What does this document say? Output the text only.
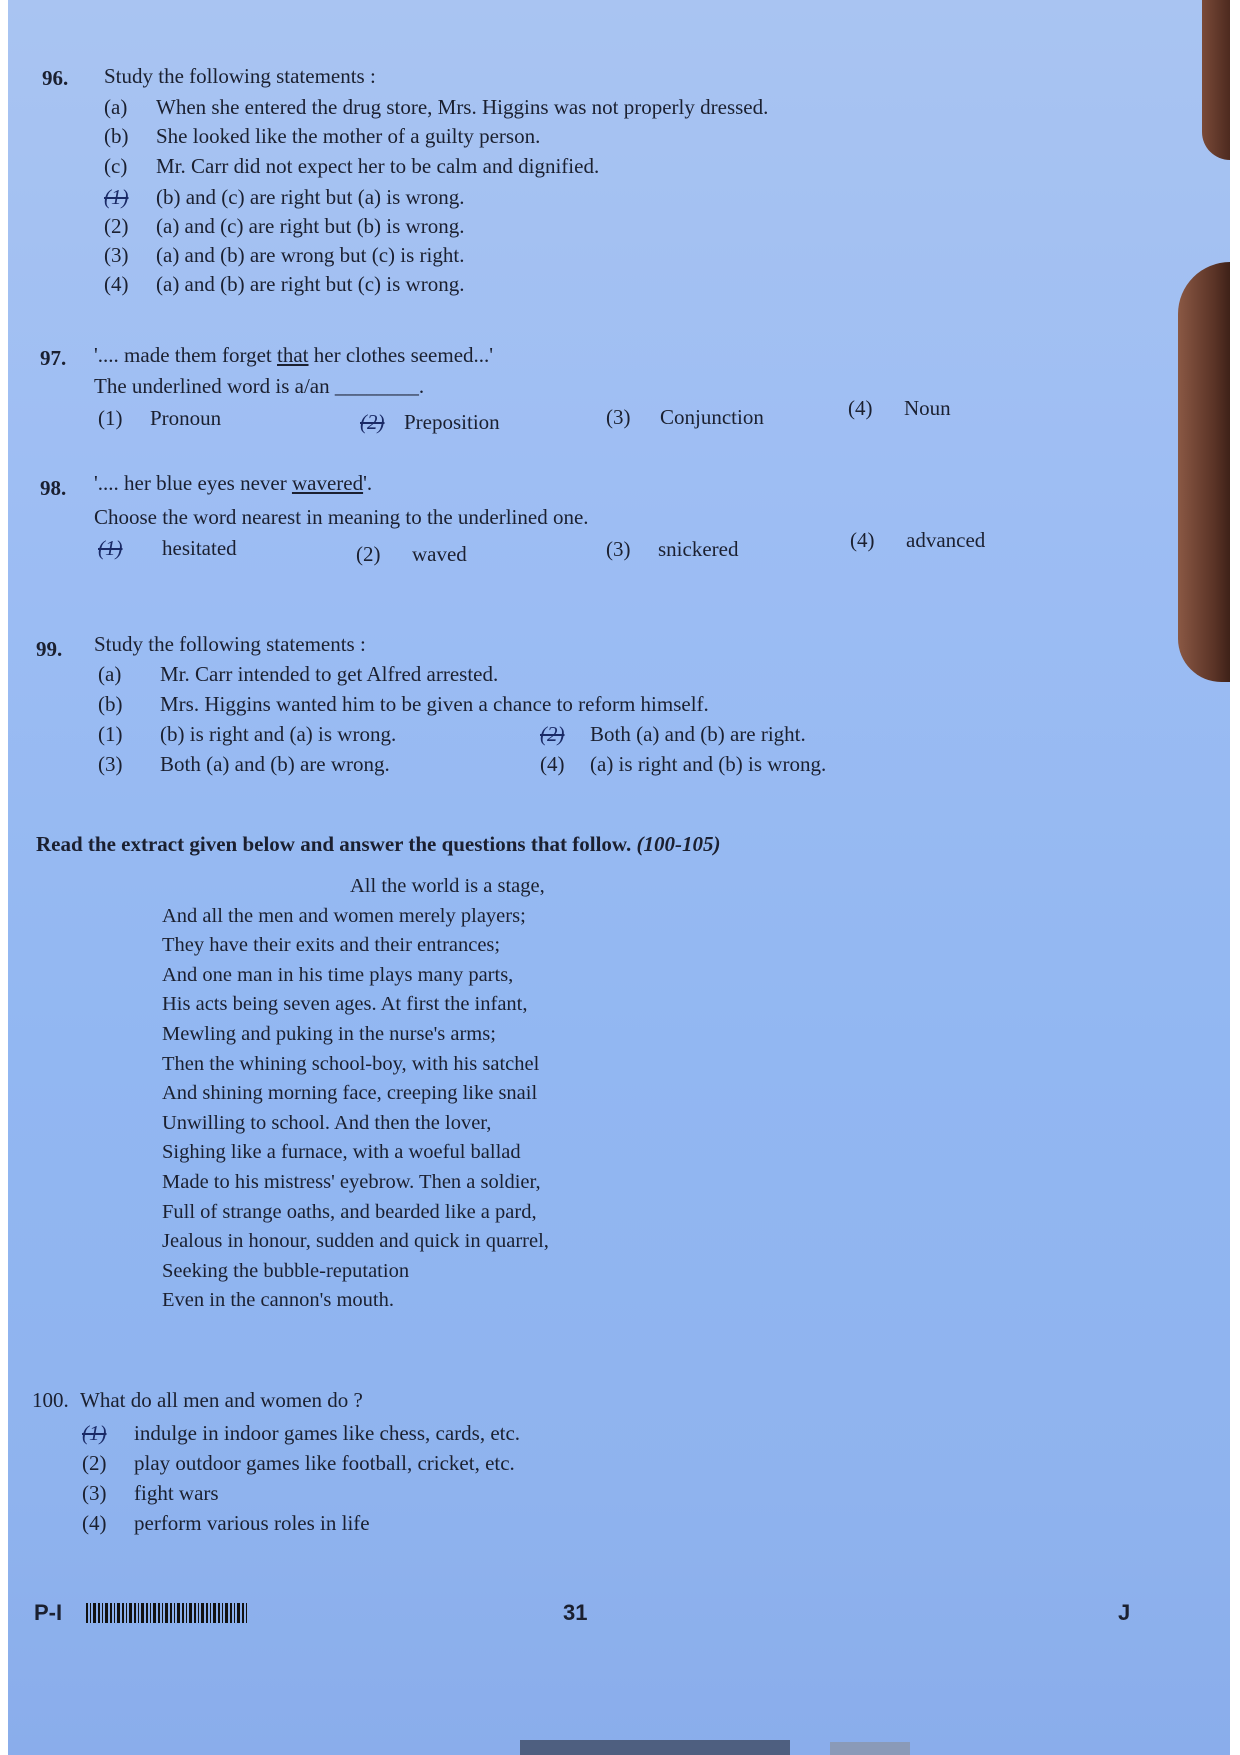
96. Study the following statements :
(a) When she entered the drug store, Mrs. Higgins was not properly dressed.
(b) She looked like the mother of a guilty person.
(c) Mr. Carr did not expect her to be calm and dignified.
(1) (b) and (c) are right but (a) is wrong.
(2) (a) and (c) are right but (b) is wrong.
(3) (a) and (b) are wrong but (c) is right.
(4) (a) and (b) are right but (c) is wrong.
97. '.... made them forget that her clothes seemed...'
The underlined word is a/an ________.
(1) Pronoun	(2) Preposition	(3) Conjunction	(4) Noun
98. '.... her blue eyes never wavered'.
Choose the word nearest in meaning to the underlined one.
(1) hesitated	(2) waved	(3) snickered	(4) advanced
99. Study the following statements :
(a) Mr. Carr intended to get Alfred arrested.
(b) Mrs. Higgins wanted him to be given a chance to reform himself.
(1) (b) is right and (a) is wrong.	(2) Both (a) and (b) are right.
(3) Both (a) and (b) are wrong.	(4) (a) is right and (b) is wrong.
Read the extract given below and answer the questions that follow. (100-105)
All the world is a stage,
And all the men and women merely players;
They have their exits and their entrances;
And one man in his time plays many parts,
His acts being seven ages. At first the infant,
Mewling and puking in the nurse's arms;
Then the whining school-boy, with his satchel
And shining morning face, creeping like snail
Unwilling to school. And then the lover,
Sighing like a furnace, with a woeful ballad
Made to his mistress' eyebrow. Then a soldier,
Full of strange oaths, and bearded like a pard,
Jealous in honour, sudden and quick in quarrel,
Seeking the bubble-reputation
Even in the cannon's mouth.
100. What do all men and women do ?
(1) indulge in indoor games like chess, cards, etc.
(2) play outdoor games like football, cricket, etc.
(3) fight wars
(4) perform various roles in life
P-I	31	J
